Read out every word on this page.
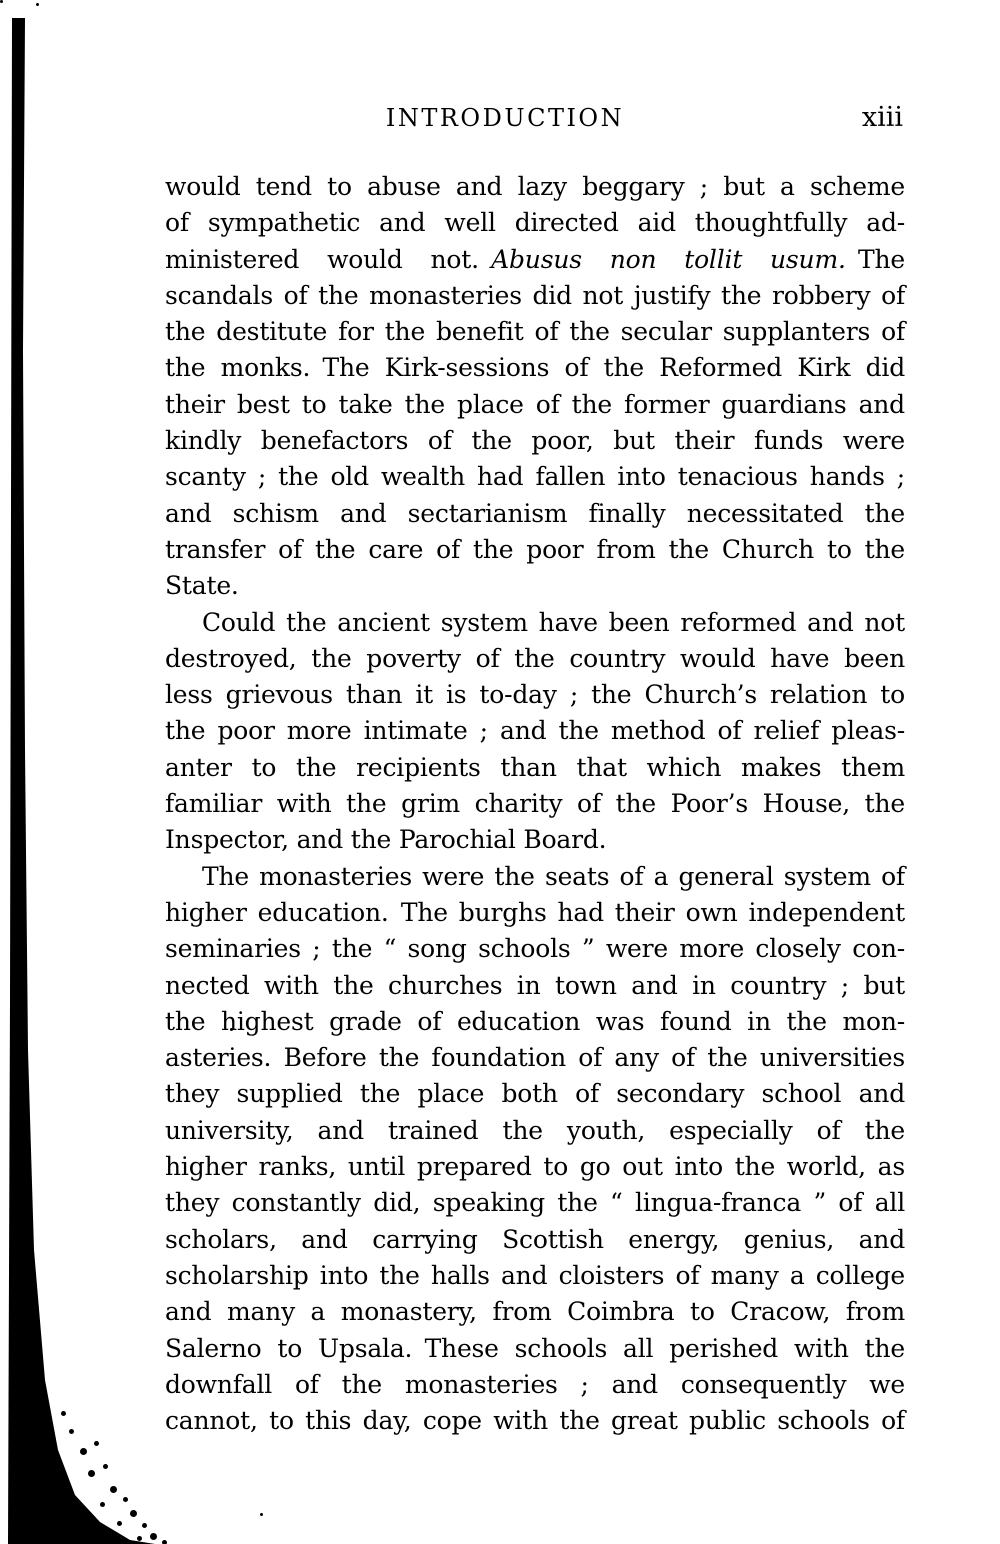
INTRODUCTION	xiii
would tend to abuse and lazy beggary ; but a scheme
of sympathetic and well directed aid thoughtfully ad-
ministered would not. Abusus non tollit usum. The
scandals of the monasteries did not justify the robbery of
the destitute for the benefit of the secular supplanters of
the monks. The Kirk-sessions of the Reformed Kirk did
their best to take the place of the former guardians and
kindly benefactors of the poor, but their funds were
scanty ; the old wealth had fallen into tenacious hands ;
and schism and sectarianism finally necessitated the
transfer of the care of the poor from the Church to the
State.
Could the ancient system have been reformed and not
destroyed, the poverty of the country would have been
less grievous than it is to-day ; the Church’s relation to
the poor more intimate ; and the method of relief pleas-
anter to the recipients than that which makes them
familiar with the grim charity of the Poor’s House, the
Inspector, and the Parochial Board.
The monasteries were the seats of a general system of
higher education. The burghs had their own independent
seminaries ; the “ song schools ” were more closely con-
nected with the churches in town and in country ; but
the highest grade of education was found in the mon-
asteries. Before the foundation of any of the universities
they supplied the place both of secondary school and
university, and trained the youth, especially of the
higher ranks, until prepared to go out into the world, as
they constantly did, speaking the “ lingua-franca ” of all
scholars, and carrying Scottish energy, genius, and
scholarship into the halls and cloisters of many a college
and many a monastery, from Coimbra to Cracow, from
Salerno to Upsala. These schools all perished with the
downfall of the monasteries ; and consequently we
cannot, to this day, cope with the great public schools of
